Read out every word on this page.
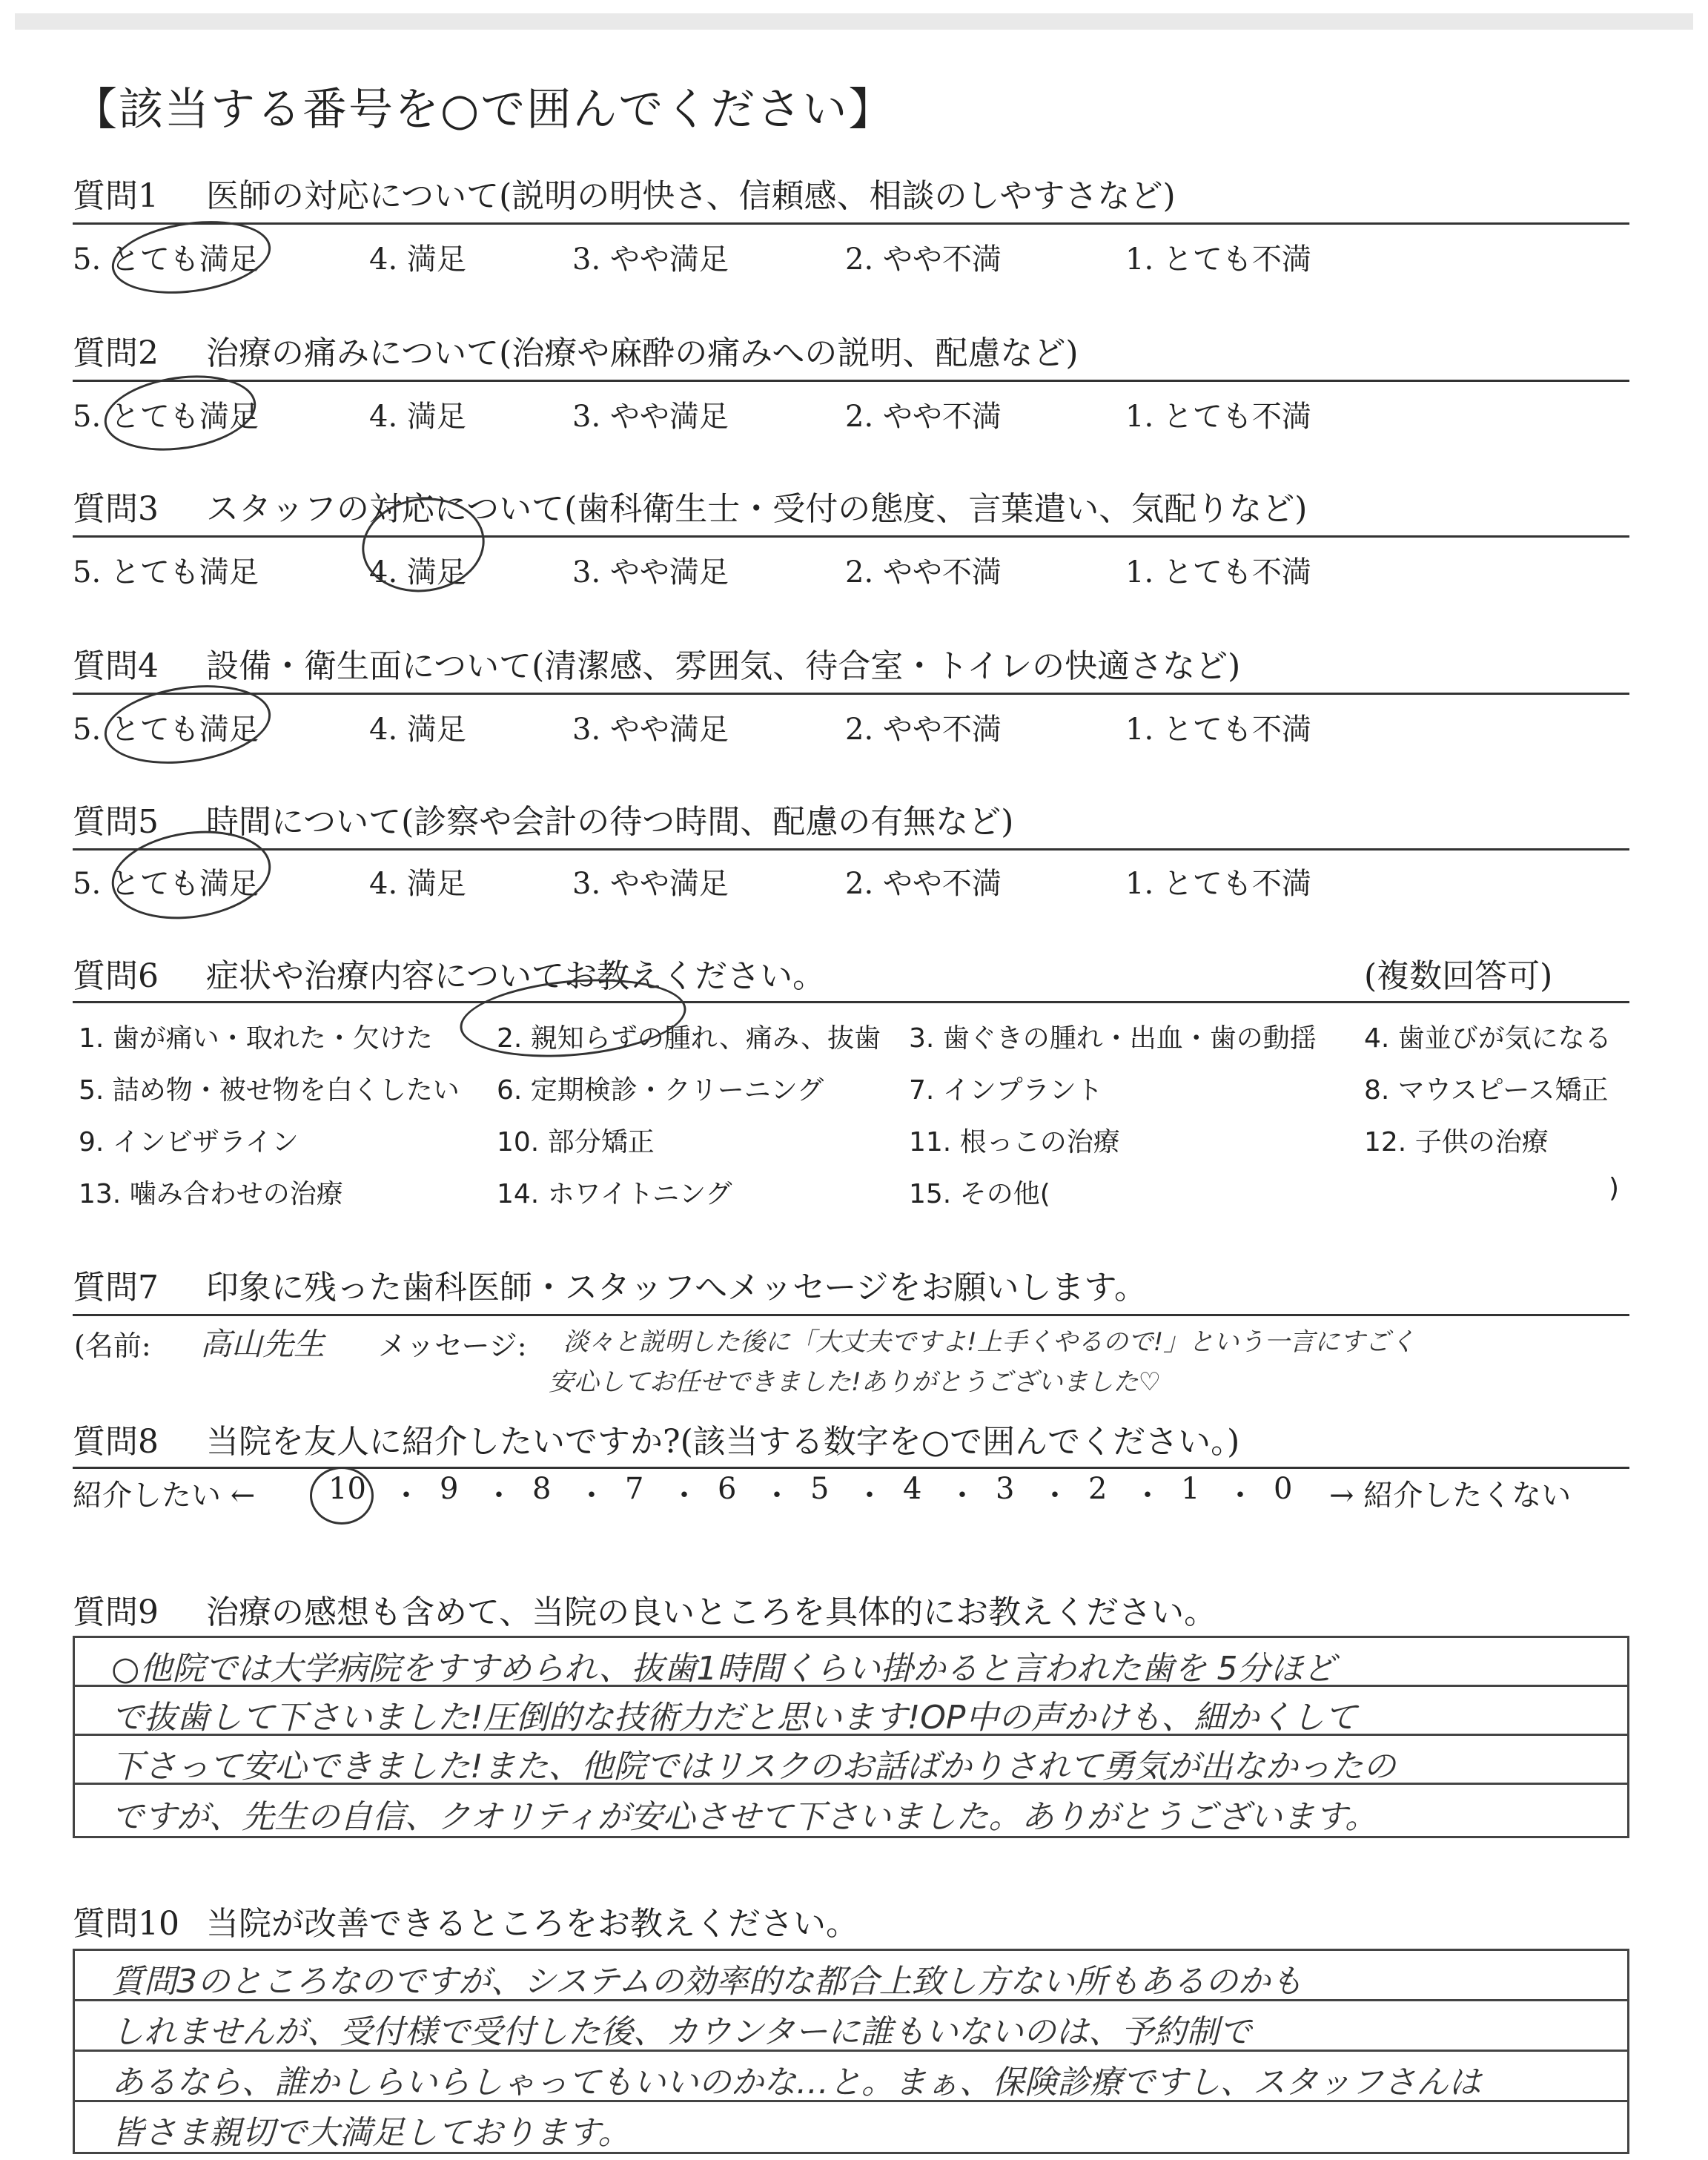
【該当する番号を○で囲んでください】
質問1 医師の対応について(説明の明快さ、信頼感、相談のしやすさなど)
5. とても満足	4. 満足	3. やや満足	2. やや不満	1. とても不満
質問2 治療の痛みについて(治療や麻酔の痛みへの説明、配慮など)
5. とても満足	4. 満足	3. やや満足	2. やや不満	1. とても不満
質問3 スタッフの対応について(歯科衛生士・受付の態度、言葉遣い、気配りなど)
5. とても満足	4. 満足	3. やや満足	2. やや不満	1. とても不満
質問4 設備・衛生面について(清潔感、雰囲気、待合室・トイレの快適さなど)
5. とても満足	4. 満足	3. やや満足	2. やや不満	1. とても不満
質問5 時間について(診察や会計の待つ時間、配慮の有無など)
5. とても満足	4. 満足	3. やや満足	2. やや不満	1. とても不満
質問6 症状や治療内容についてお教えください。	(複数回答可)
1. 歯が痛い・取れた・欠けた 2. 親知らずの腫れ、痛み、抜歯 3. 歯ぐきの腫れ・出血・歯の動揺 4. 歯並びが気になる
5. 詰め物・被せ物を白くしたい 6. 定期検診・クリーニング	7. インプラント	8. マウスピース矯正
9. インビザライン	10. 部分矯正	11. 根っこの治療	12. 子供の治療
13. 噛み合わせの治療	14. ホワイトニング	15. その他(	)
質問7 印象に残った歯科医師・スタッフへメッセージをお願いします。
(名前: 高山先生 メッセージ: 淡々と説明した後に「大丈夫ですよ!上手くやるので!」という一言にすごく
安心してお任せできました!ありがとうございました♡
質問8 当院を友人に紹介したいですか?(該当する数字を○で囲んでください。)
紹介したい ← 10 ・ 9 ・ 8 ・ 7 ・ 6 ・ 5 ・ 4 ・ 3 ・ 2 ・ 1 ・ 0 → 紹介したくない
質問9 治療の感想も含めて、当院の良いところを具体的にお教えください。
○他院では大学病院をすすめられ、抜歯1時間くらい掛かると言われた歯を 5分ほど
で抜歯して下さいました!圧倒的な技術力だと思います!OP中の声かけも、細かくして
下さって安心できました!また、他院ではリスクのお話ばかりされて勇気が出なかったの
ですが、先生の自信、クオリティが安心させて下さいました。ありがとうございます。
質問10 当院が改善できるところをお教えください。
質問3のところなのですが、システムの効率的な都合上致し方ない所もあるのかも
しれませんが、受付様で受付した後、カウンターに誰もいないのは、予約制で
あるなら、誰かしらいらしゃってもいいのかな…と。まぁ、保険診療ですし、スタッフさんは
皆さま親切で大満足しております。
